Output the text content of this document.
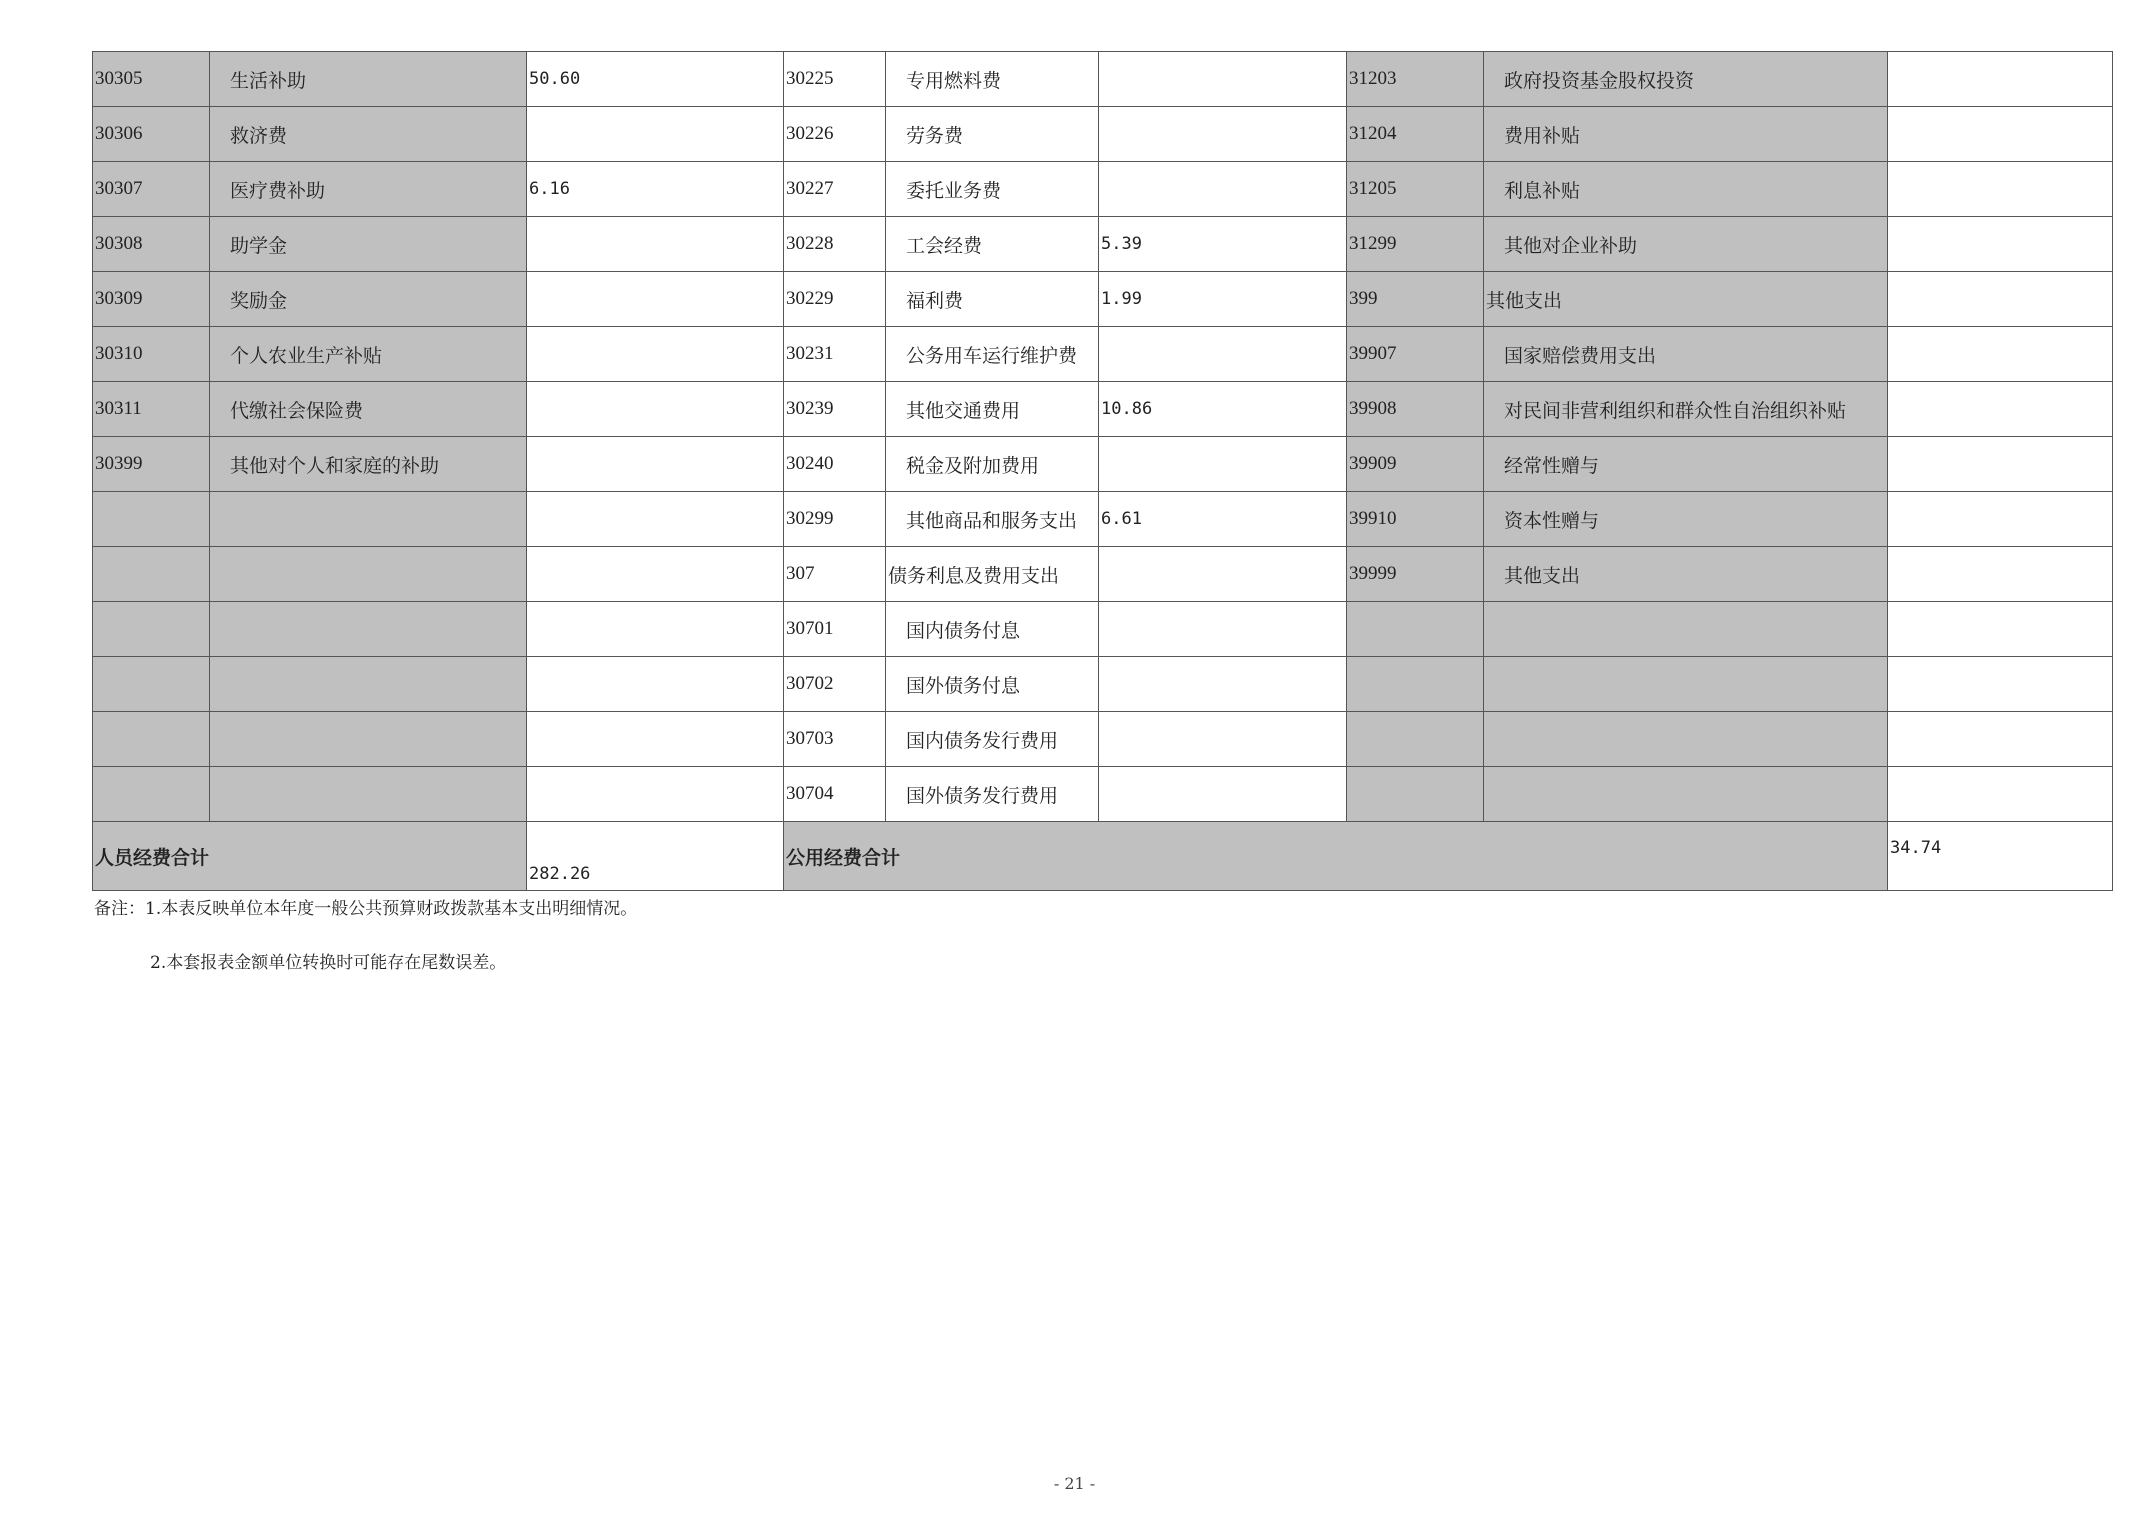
30305	生活补助	50.60	30225	专用燃料费		31203	政府投资基金股权投资	
30306	救济费		30226	劳务费		31204	费用补贴	
30307	医疗费补助	6.16	30227	委托业务费		31205	利息补贴	
30308	助学金		30228	工会经费	5.39	31299	其他对企业补助	
30309	奖励金		30229	福利费	1.99	399	其他支出	
30310	个人农业生产补贴		30231	公务用车运行维护费		39907	国家赔偿费用支出	
30311	代缴社会保险费		30239	其他交通费用	10.86	39908	对民间非营利组织和群众性自治组织补贴	
30399	其他对个人和家庭的补助		30240	税金及附加费用		39909	经常性赠与	
			30299	其他商品和服务支出	6.61	39910	资本性赠与	
			307	债务利息及费用支出		39999	其他支出	
			30701	国内债务付息				
			30702	国外债务付息				
			30703	国内债务发行费用				
			30704	国外债务发行费用				
人员经费合计		282.26	公用经费合计					34.74
备注：1.本表反映单位本年度一般公共预算财政拨款基本支出明细情况。
2.本套报表金额单位转换时可能存在尾数误差。
- 21 -
